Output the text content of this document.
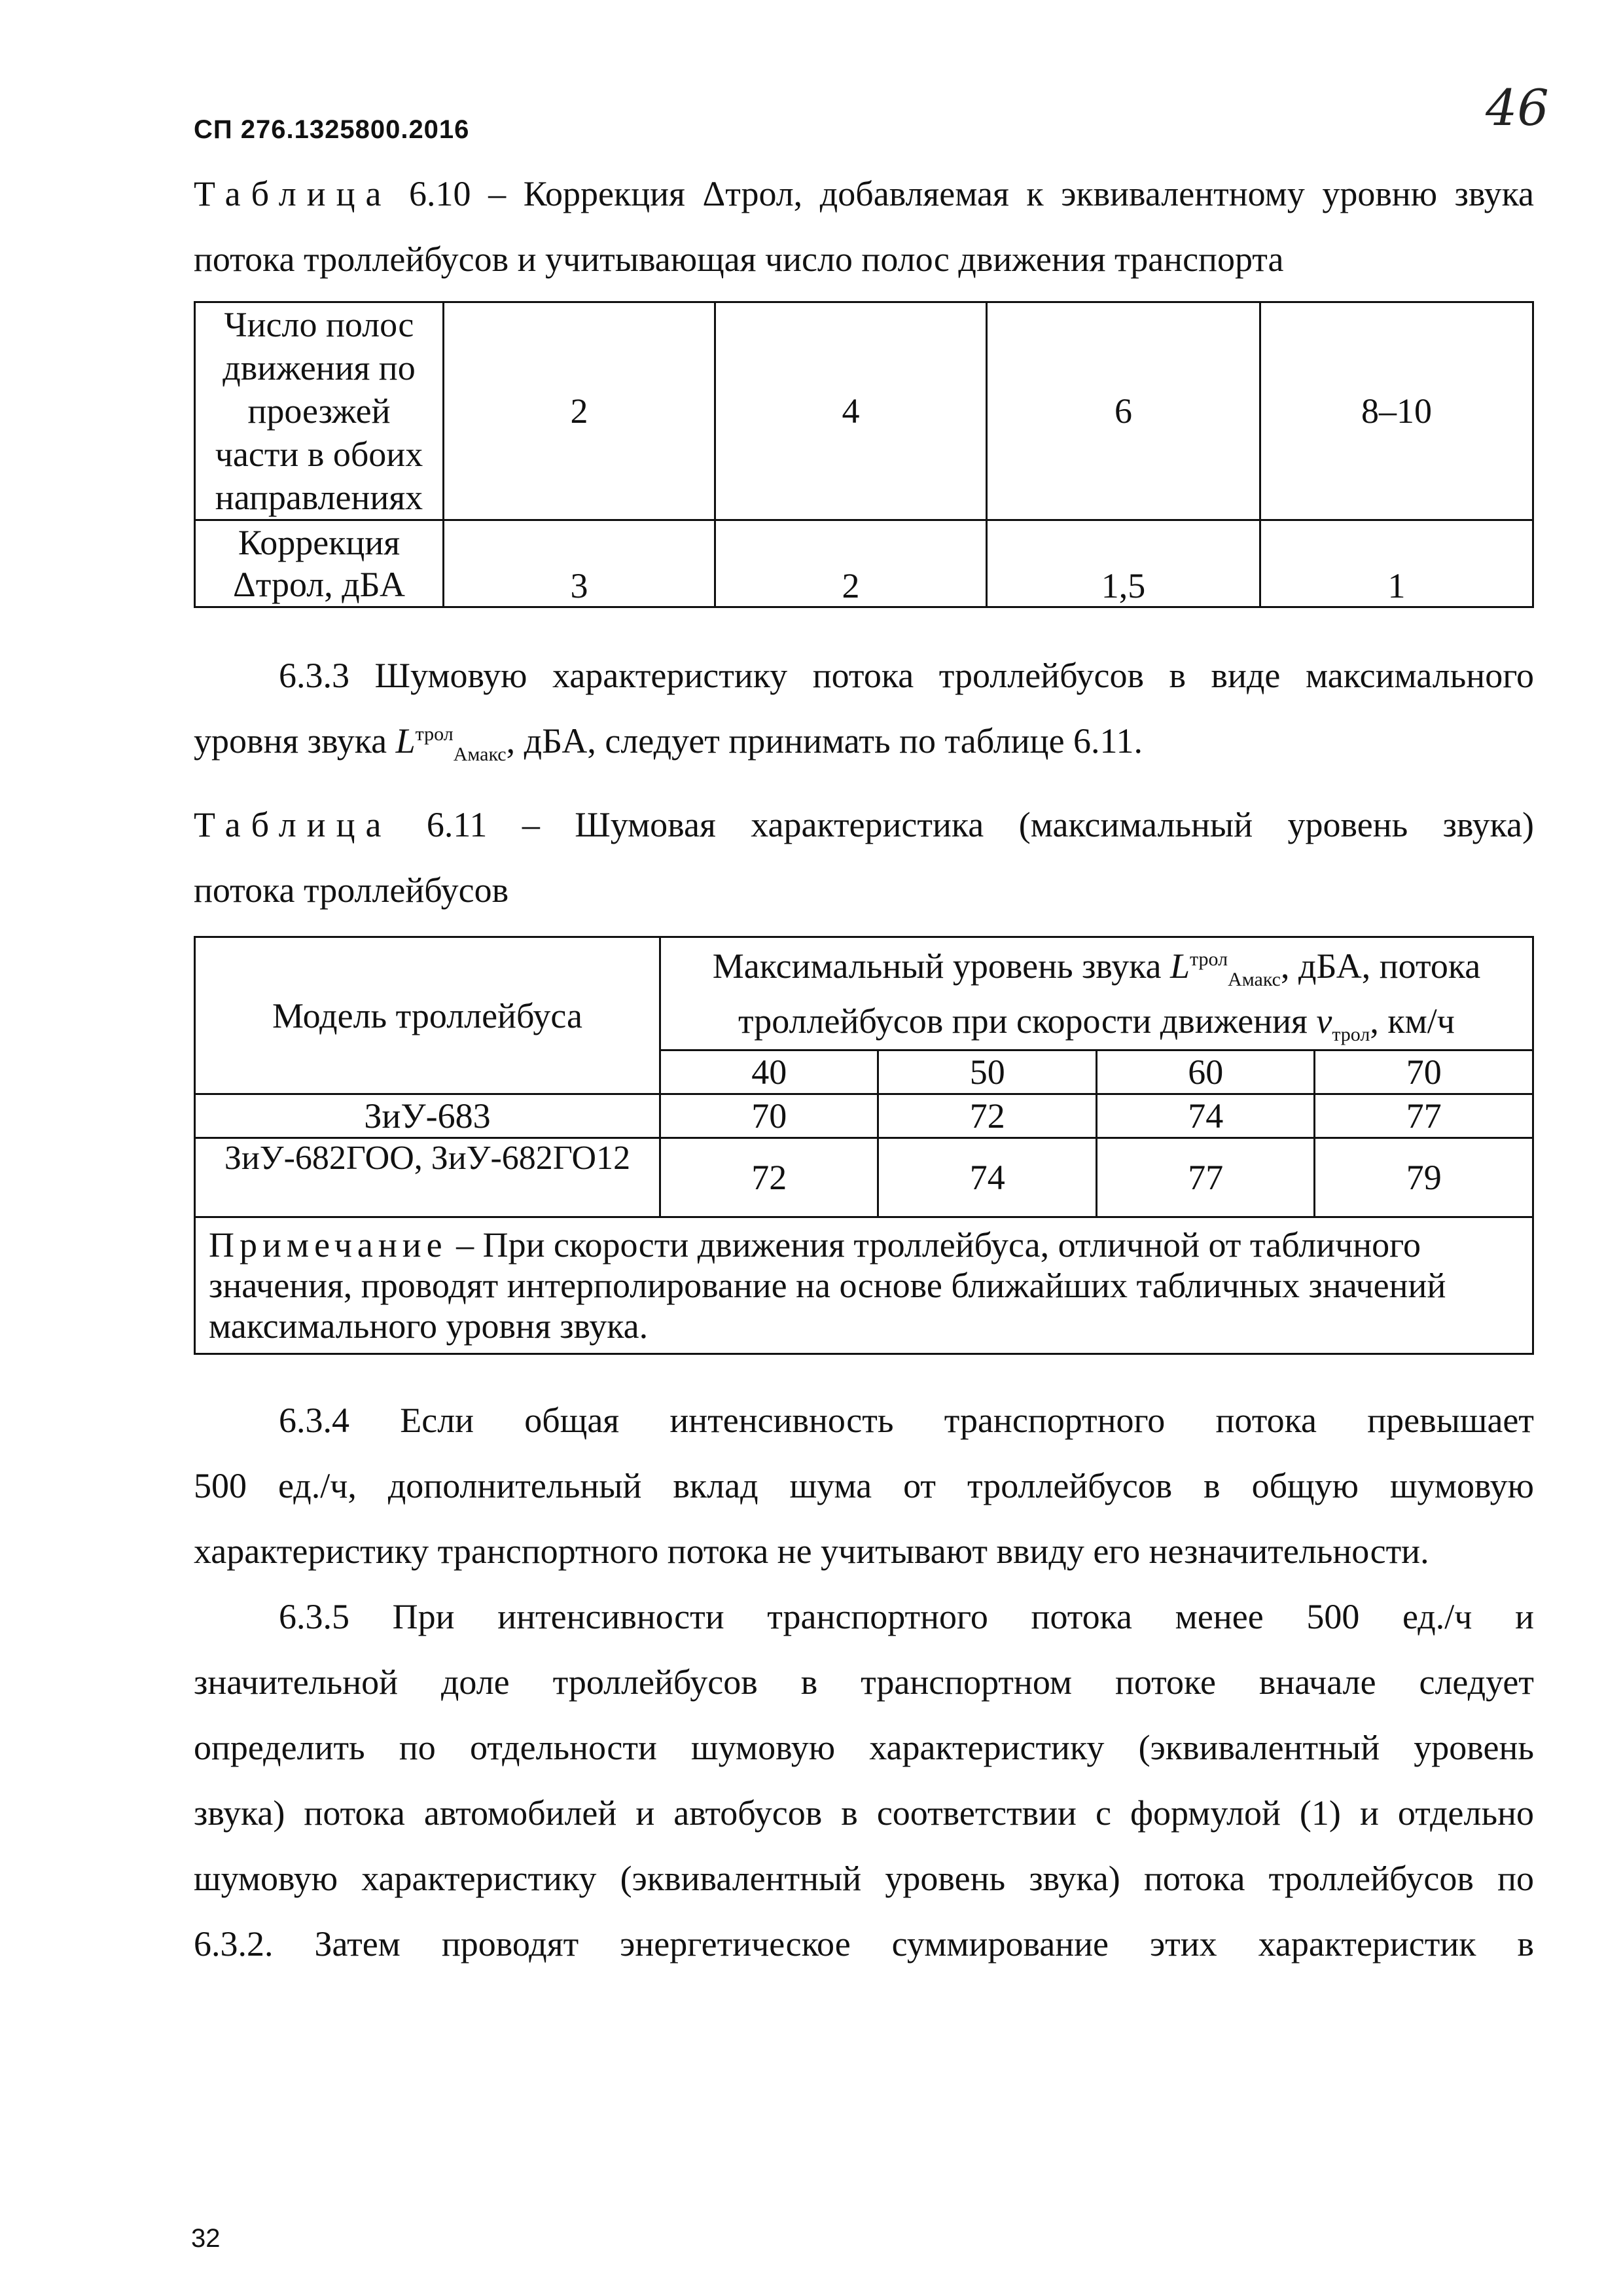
СП 276.1325800.2016	46
Таблица 6.10 – Коррекция Δтрол, добавляемая к эквивалентному уровню звука
потока троллейбусов и учитывающая число полос движения транспорта
Число полос движения по проезжей части в обоих направлениях	2	4	6	8–10
Коррекция Δтрол, дБА	3	2	1,5	1
6.3.3 Шумовую характеристику потока троллейбусов в виде максимального
уровня звука $L^{трол}_{Амакс}$, дБА, следует принимать по таблице 6.11.
Таблица 6.11 – Шумовая характеристика (максимальный уровень звука)
потока троллейбусов
Модель троллейбуса	Максимальный уровень звука $L^{трол}_{Амакс}$, дБА, потока
троллейбусов при скорости движения $v_{трол}$, км/ч			

	40	50	60	70
ЗиУ-683	70	72	74	77
ЗиУ-682ГОО, ЗиУ-682ГО12	72	74	77	79
Примечание – При скорости движения троллейбуса, отличной от табличного значения, проводят интерполирование на основе ближайших табличных значений максимального уровня звука.				
6.3.4 Если общая интенсивность транспортного потока превышает
500 ед./ч, дополнительный вклад шума от троллейбусов в общую шумовую
характеристику транспортного потока не учитывают ввиду его незначительности.
6.3.5 При интенсивности транспортного потока менее 500 ед./ч и
значительной доле троллейбусов в транспортном потоке вначале следует
определить по отдельности шумовую характеристику (эквивалентный уровень
звука) потока автомобилей и автобусов в соответствии с формулой (1) и отдельно
шумовую характеристику (эквивалентный уровень звука) потока троллейбусов по
6.3.2. Затем проводят энергетическое суммирование этих характеристик в
32
